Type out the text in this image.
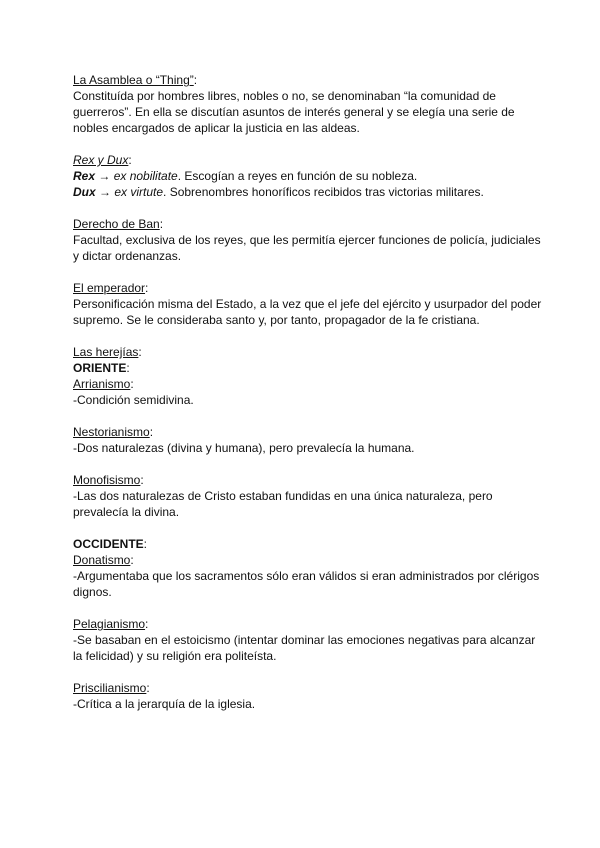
La Asamblea o “Thing”:

Constituída por hombres libres, nobles o no, se denominaban “la comunidad de guerreros”. En ella se discutían asuntos de interés general y se elegía una serie de nobles encargados de aplicar la justicia en las aldeas.

Rex y Dux:

Rex → ex nobilitate. Escogían a reyes en función de su nobleza.

Dux → ex virtute. Sobrenombres honoríficos recibidos tras victorias militares.

Derecho de Ban:

Facultad, exclusiva de los reyes, que les permitía ejercer funciones de policía, judiciales y dictar ordenanzas.

El emperador:

Personificación misma del Estado, a la vez que el jefe del ejército y usurpador del poder supremo. Se le consideraba santo y, por tanto, propagador de la fe cristiana.

Las herejías:

ORIENTE:

Arrianismo:

-Condición semidivina.

Nestorianismo:

-Dos naturalezas (divina y humana), pero prevalecía la humana.

Monofisismo:

-Las dos naturalezas de Cristo estaban fundidas en una única naturaleza, pero prevalecía la divina.

OCCIDENTE:

Donatismo:

-Argumentaba que los sacramentos sólo eran válidos si eran administrados por clérigos dignos.

Pelagianismo:

-Se basaban en el estoicismo (intentar dominar las emociones negativas para alcanzar la felicidad) y su religión era politeísta.

Priscilianismo:

-Crítica a la jerarquía de la iglesia.
